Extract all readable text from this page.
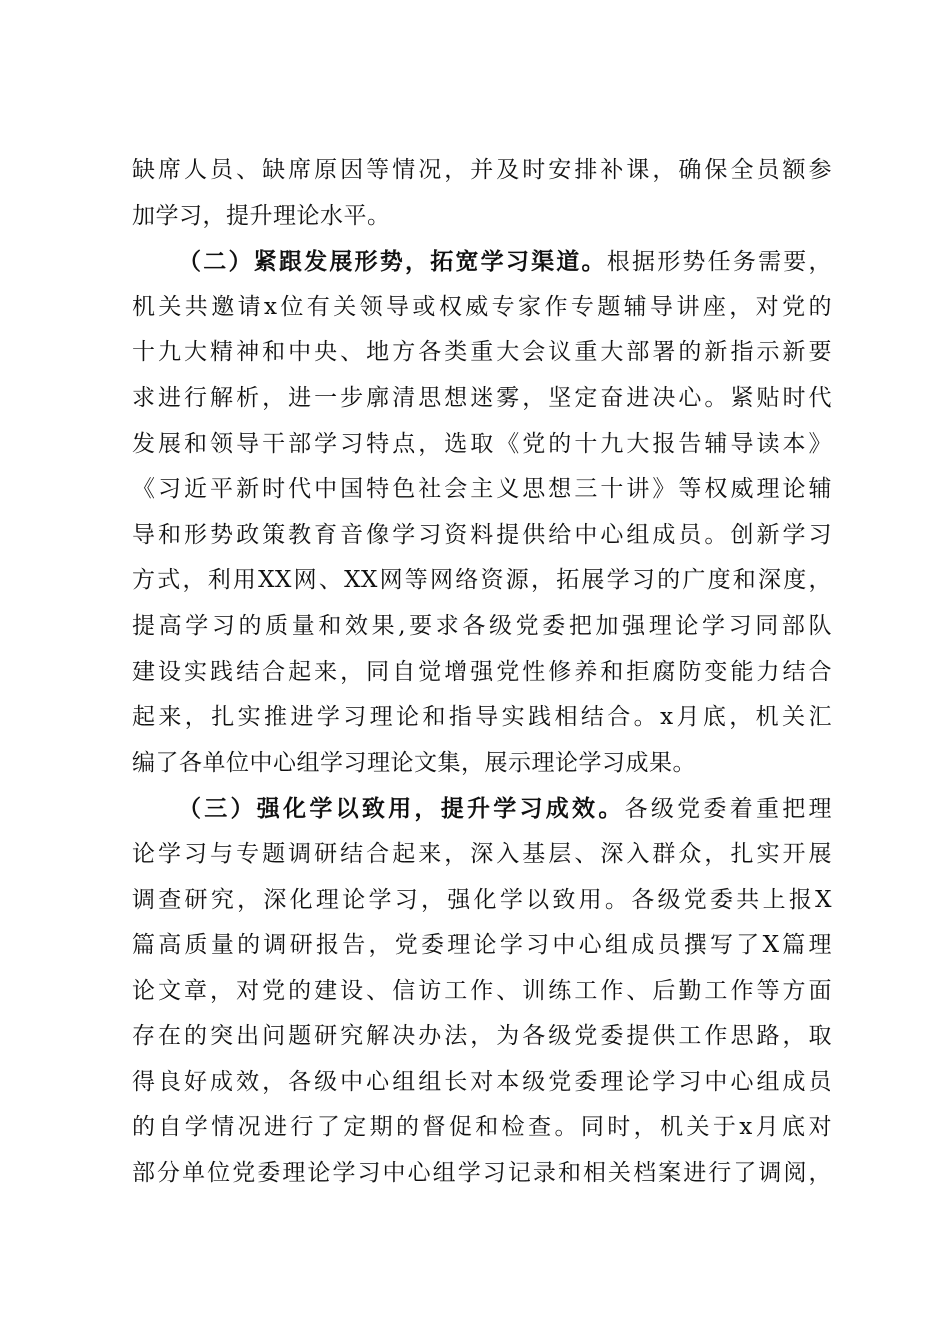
缺席人员、缺席原因等情况，并及时安排补课，确保全员额参
加学习，提升理论水平。
（二）紧跟发展形势，拓宽学习渠道。根据形势任务需要，
机关共邀请x位有关领导或权威专家作专题辅导讲座，对党的
十九大精神和中央、地方各类重大会议重大部署的新指示新要
求进行解析，进一步廓清思想迷雾，坚定奋进决心。紧贴时代
发展和领导干部学习特点，选取《党的十九大报告辅导读本》
《习近平新时代中国特色社会主义思想三十讲》等权威理论辅
导和形势政策教育音像学习资料提供给中心组成员。创新学习
方式，利用XX网、XX网等网络资源，拓展学习的广度和深度，
提高学习的质量和效果,要求各级党委把加强理论学习同部队
建设实践结合起来，同自觉增强党性修养和拒腐防变能力结合
起来，扎实推进学习理论和指导实践相结合。x月底，机关汇
编了各单位中心组学习理论文集，展示理论学习成果。
（三）强化学以致用，提升学习成效。各级党委着重把理
论学习与专题调研结合起来，深入基层、深入群众，扎实开展
调查研究，深化理论学习，强化学以致用。各级党委共上报X
篇高质量的调研报告，党委理论学习中心组成员撰写了X篇理
论文章，对党的建设、信访工作、训练工作、后勤工作等方面
存在的突出问题研究解决办法，为各级党委提供工作思路，取
得良好成效，各级中心组组长对本级党委理论学习中心组成员
的自学情况进行了定期的督促和检查。同时，机关于x月底对
部分单位党委理论学习中心组学习记录和相关档案进行了调阅，
